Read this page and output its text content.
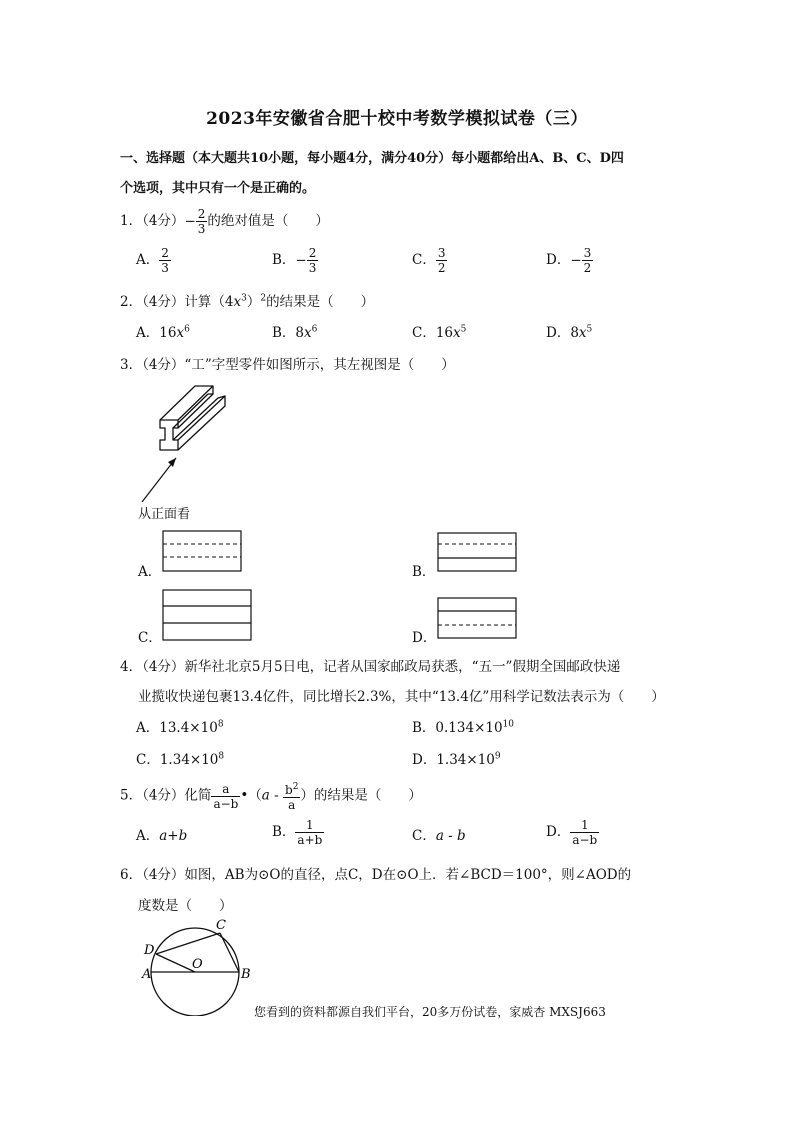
2023年安徽省合肥十校中考数学模拟试卷（三）
一、选择题（本大题共10小题，每小题4分，满分40分）每小题都给出A、B、C、D四
个选项，其中只有一个是正确的。
1．（4分）− $\frac{2}{3}$ 的绝对值是（　　）
A． $\frac{2}{3}$	B．− $\frac{2}{3}$	C． $\frac{3}{2}$	D．− $\frac{3}{2}$
2．（4分）计算$(4x^3)^2$的结果是（　　）
A．$16x^6$	B．$8x^6$	C．$16x^5$	D．$8x^5$
3．（4分）“工”字型零件如图所示，其左视图是（　　）
从正面看
A．	B．
C．	D．
4．（4分）新华社北京5月5日电，记者从国家邮政局获悉，“五一”假期全国邮政快递
业揽收快递包裹13.4亿件，同比增长2.3%，其中“13.4亿”用科学记数法表示为（　　）
A．$13.4\times 10^8$	B．$0.134\times 10^{10}$
C．$1.34\times 10^8$	D．$1.34\times 10^9$
5．（4分）化简 $\frac{a}{a-b}$ •（a - $\frac{b^2}{a}$ ）的结果是（　　）
A．a+b	B． $\frac{1}{a+b}$	C．a - b	D． $\frac{1}{a-b}$
6．（4分）如图，AB为⊙O的直径，点C，D在⊙O上．若∠BCD＝100°，则∠AOD的
度数是（　　）
A	B
C
D
O
您看到的资料都源自我们平台，20多万份试卷，家威杏 MXSJ663
